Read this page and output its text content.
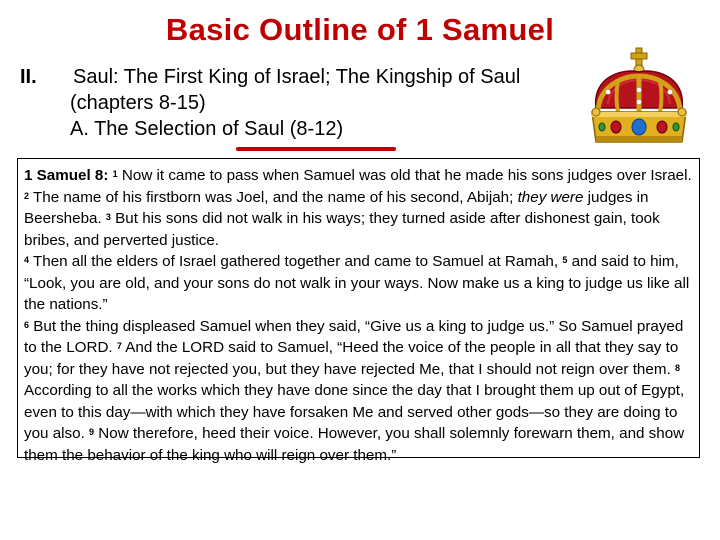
Basic Outline of 1 Samuel
II. Saul: The First King of Israel; The Kingship of Saul
(chapters 8-15)
A. The Selection of Saul (8-12)
1 Samuel 8: $^1$ Now it came to pass when Samuel was old that he made his sons judges over Israel. $^2$ The name of his firstborn was Joel, and the name of his second, Abijah; they were judges in Beersheba. $^3$ But his sons did not walk in his ways; they turned aside after dishonest gain, took bribes, and perverted justice.
$^4$ Then all the elders of Israel gathered together and came to Samuel at Ramah, $^5$ and said to him, “Look, you are old, and your sons do not walk in your ways. Now make us a king to judge us like all the nations.”
$^6$ But the thing displeased Samuel when they said, “Give us a king to judge us.” So Samuel prayed to the LORD. $^7$ And the LORD said to Samuel, “Heed the voice of the people in all that they say to you; for they have not rejected you, but they have rejected Me, that I should not reign over them. $^8$ According to all the works which they have done since the day that I brought them up out of Egypt, even to this day—with which they have forsaken Me and served other gods—so they are doing to you also. $^9$ Now therefore, heed their voice. However, you shall solemnly forewarn them, and show them the behavior of the king who will reign over them.”
